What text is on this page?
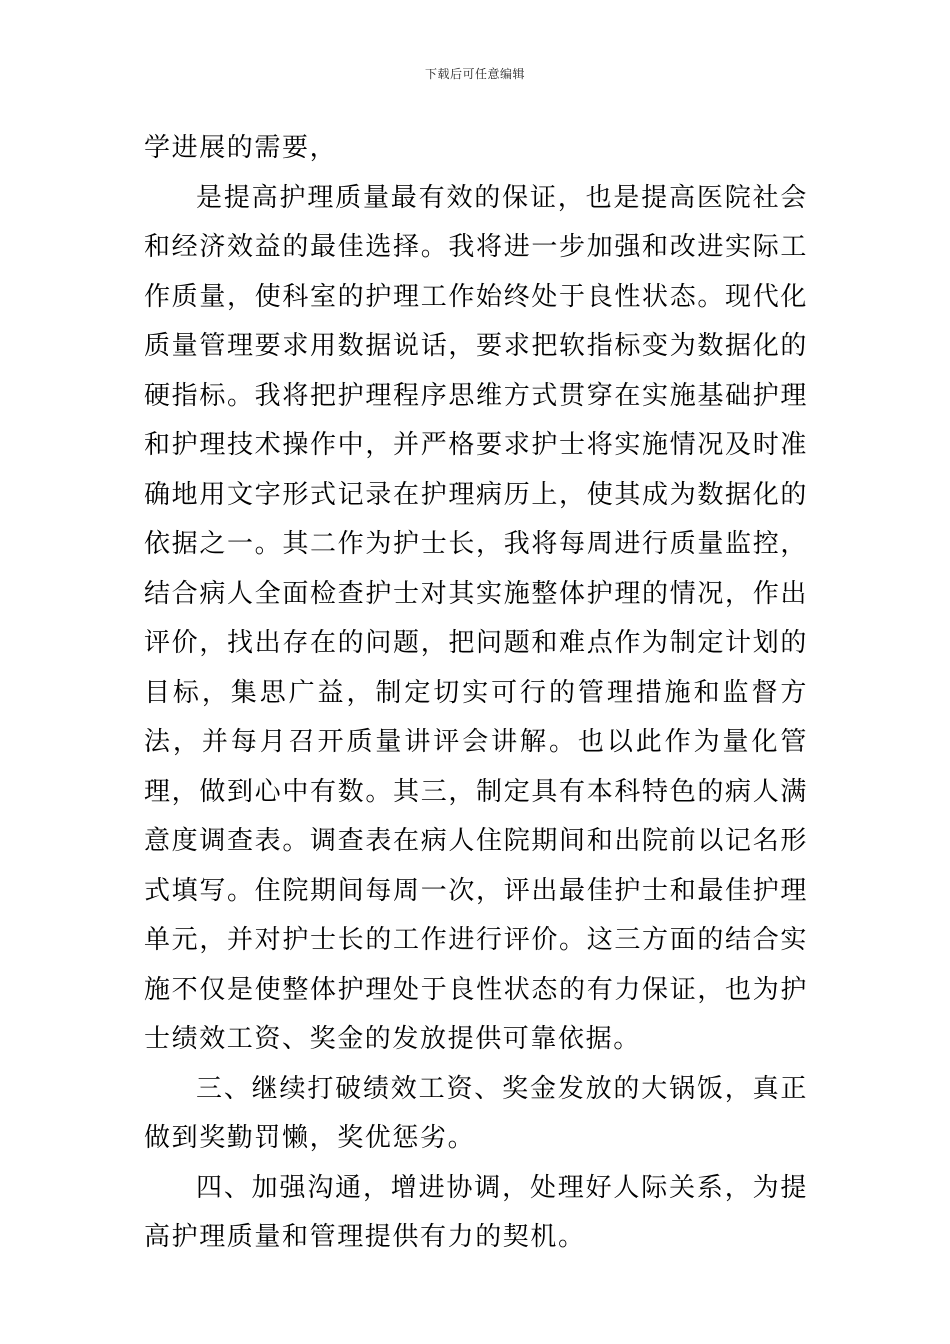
下载后可任意编辑

学进展的需要，

是提高护理质量最有效的保证，也是提高医院社会和经济效益的最佳选择。我将进一步加强和改进实际工作质量，使科室的护理工作始终处于良性状态。现代化质量管理要求用数据说话，要求把软指标变为数据化的硬指标。我将把护理程序思维方式贯穿在实施基础护理和护理技术操作中，并严格要求护士将实施情况及时准确地用文字形式记录在护理病历上，使其成为数据化的依据之一。其二作为护士长，我将每周进行质量监控，结合病人全面检查护士对其实施整体护理的情况，作出评价，找出存在的问题，把问题和难点作为制定计划的目标，集思广益，制定切实可行的管理措施和监督方法，并每月召开质量讲评会讲解。也以此作为量化管理，做到心中有数。其三，制定具有本科特色的病人满意度调查表。调查表在病人住院期间和出院前以记名形式填写。住院期间每周一次，评出最佳护士和最佳护理单元，并对护士长的工作进行评价。这三方面的结合实施不仅是使整体护理处于良性状态的有力保证，也为护士绩效工资、奖金的发放提供可靠依据。

三、继续打破绩效工资、奖金发放的大锅饭，真正做到奖勤罚懒，奖优惩劣。

四、加强沟通，增进协调，处理好人际关系，为提高护理质量和管理提供有力的契机。
